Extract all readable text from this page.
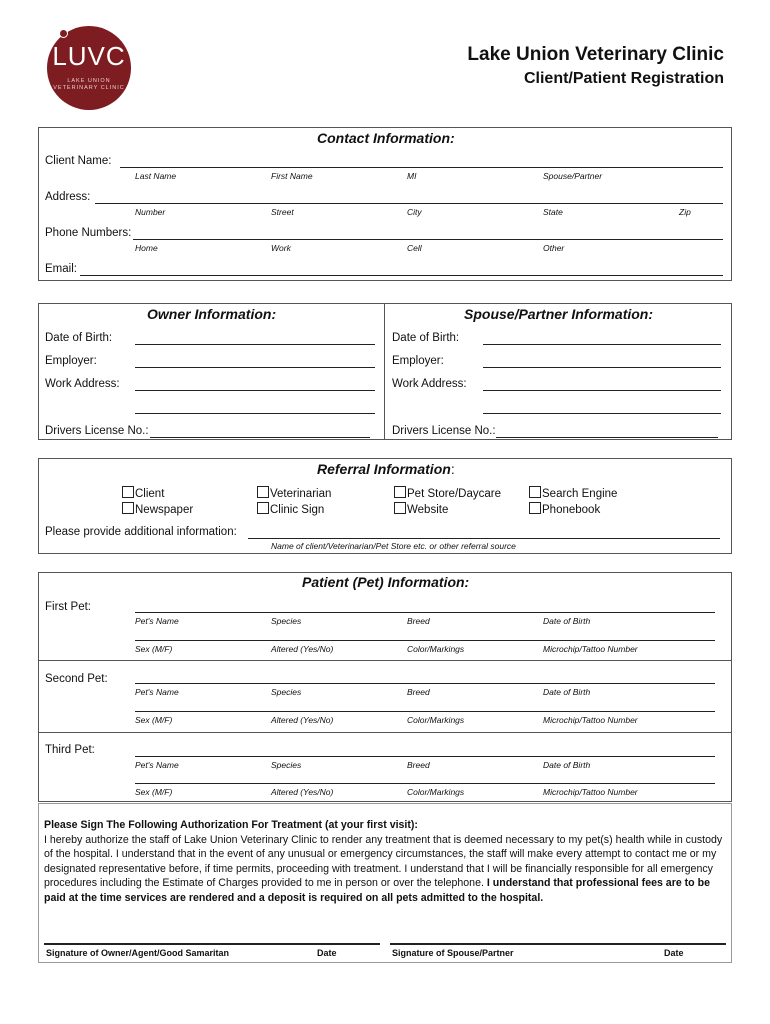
LUVC
LAKE UNION VETERINARY CLINIC
Lake Union Veterinary Clinic
Client/Patient Registration
Contact Information:
Client Name:
Last Name	First Name	MI	Spouse/Partner
Address:
Number	Street	City	State	Zip
Phone Numbers:
Home	Work	Cell	Other
Email:
Owner Information:	Spouse/Partner Information:
Date of Birth:
Employer:
Work Address:
Drivers License No.:
Date of Birth:
Employer:
Work Address:
Drivers License No.:
Referral Information:
Client
Newspaper
Veterinarian
Clinic Sign
Pet Store/Daycare
Website
Search Engine
Phonebook
Please provide additional information:
Name of client/Veterinarian/Pet Store etc. or other referral source
Patient (Pet) Information:
First Pet:
Pet's Name	Species	Breed	Date of Birth
Sex (M/F)	Altered (Yes/No)	Color/Markings	Microchip/Tattoo Number
Second Pet:
Pet's Name	Species	Breed	Date of Birth
Sex (M/F)	Altered (Yes/No)	Color/Markings	Microchip/Tattoo Number
Third Pet:
Pet's Name	Species	Breed	Date of Birth
Sex (M/F)	Altered (Yes/No)	Color/Markings	Microchip/Tattoo Number
Please Sign The Following Authorization For Treatment (at your first visit):
I hereby authorize the staff of Lake Union Veterinary Clinic to render any treatment that is deemed necessary to my pet(s) health while in custody of the hospital. I understand that in the event of any unusual or emergency circumstances, the staff will make every attempt to contact me or my designated representative before, if time permits, proceeding with treatment. I understand that I will be financially responsible for all emergency procedures including the Estimate of Charges provided to me in person or over the telephone. I understand that professional fees are to be paid at the time services are rendered and a deposit is required on all pets admitted to the hospital.
Signature of Owner/Agent/Good Samaritan	Date	Signature of Spouse/Partner	Date
